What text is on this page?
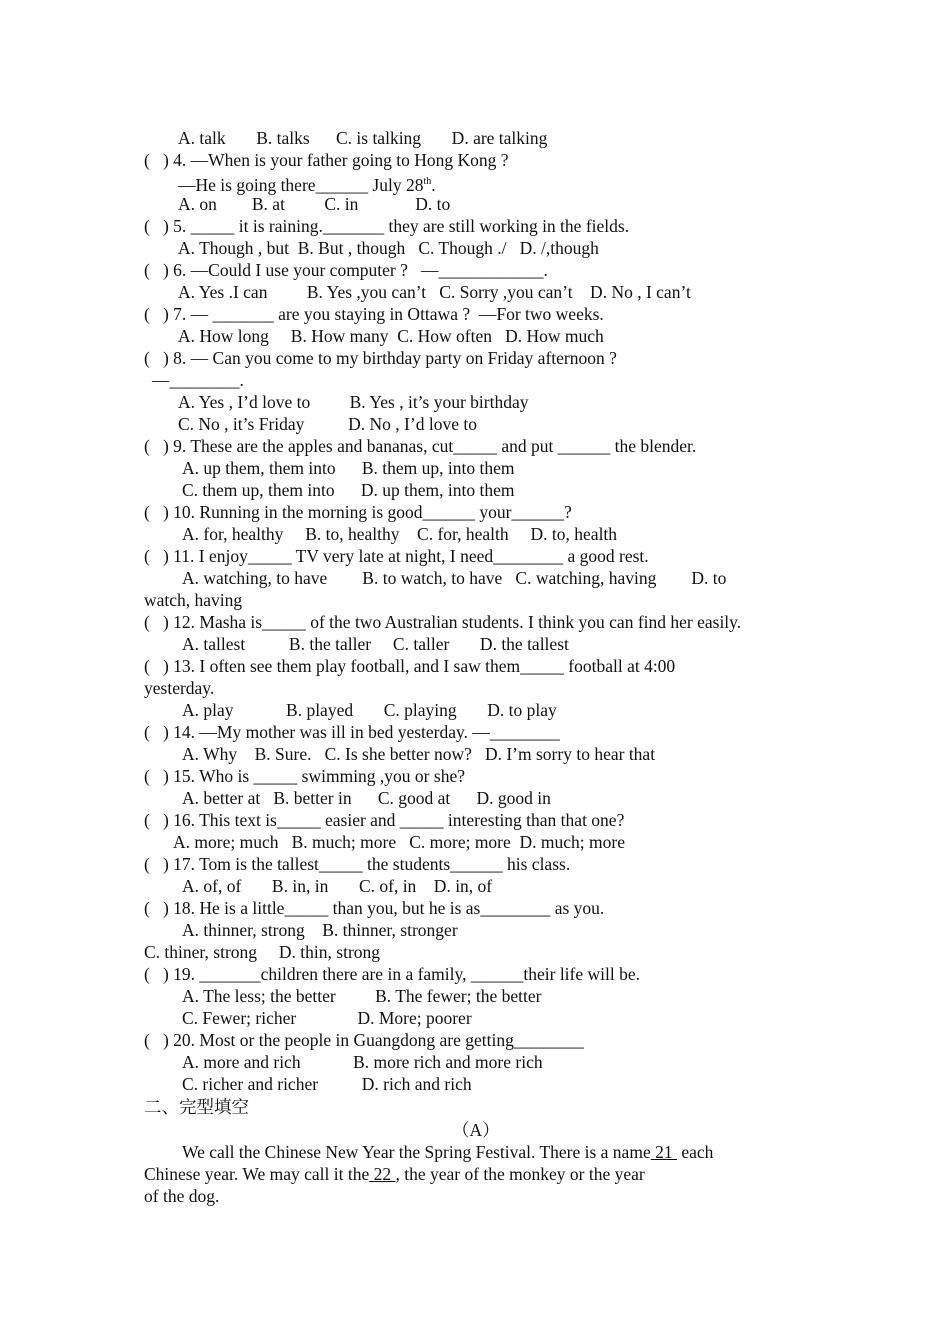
A. talk       B. talks      C. is talking       D. are talking
(   ) 4. —When is your father going to Hong Kong ?
—He is going there______ July 28th.
A. on        B. at         C. in             D. to
(   ) 5. _____ it is raining._______ they are still working in the fields.
A. Though , but  B. But , though   C. Though ./   D. /,though
(   ) 6. —Could I use your computer ?   —____________.
A. Yes .I can         B. Yes ,you can’t   C. Sorry ,you can’t    D. No , I can’t
(   ) 7. — _______ are you staying in Ottawa ?  —For two weeks.
A. How long     B. How many  C. How often   D. How much
(   ) 8. — Can you come to my birthday party on Friday afternoon ?
—________.
A. Yes , I’d love to         B. Yes , it’s your birthday
C. No , it’s Friday          D. No , I’d love to
(   ) 9. These are the apples and bananas, cut_____ and put ______ the blender.
A. up them, them into      B. them up, into them
C. them up, them into      D. up them, into them
(   ) 10. Running in the morning is good______ your______?
A. for, healthy     B. to, healthy    C. for, health     D. to, health
(   ) 11. I enjoy_____ TV very late at night, I need________ a good rest.
A. watching, to have        B. to watch, to have   C. watching, having        D. to
watch, having
(   ) 12. Masha is_____ of the two Australian students. I think you can find her easily.
A. tallest          B. the taller     C. taller       D. the tallest
(   ) 13. I often see them play football, and I saw them_____ football at 4:00
yesterday.
A. play            B. played       C. playing       D. to play
(   ) 14. —My mother was ill in bed yesterday. —________
A. Why    B. Sure.   C. Is she better now?   D. I’m sorry to hear that
(   ) 15. Who is _____ swimming ,you or she?
A. better at   B. better in      C. good at      D. good in
(   ) 16. This text is_____ easier and _____ interesting than that one?
A. more; much   B. much; more   C. more; more  D. much; more
(   ) 17. Tom is the tallest_____ the students______ his class.
A. of, of       B. in, in       C. of, in    D. in, of
(   ) 18. He is a little_____ than you, but he is as________ as you.
A. thinner, strong    B. thinner, stronger
C. thiner, strong     D. thin, strong
(   ) 19. _______children there are in a family, ______their life will be.
A. The less; the better         B. The fewer; the better
C. Fewer; richer              D. More; poorer
(   ) 20. Most or the people in Guangdong are getting________
A. more and rich            B. more rich and more rich
C. richer and richer          D. rich and rich
二、完型填空
（A）
We call the Chinese New Year the Spring Festival. There is a name 21  each
Chinese year. We may call it the 22 , the year of the monkey or the year
of the dog.
